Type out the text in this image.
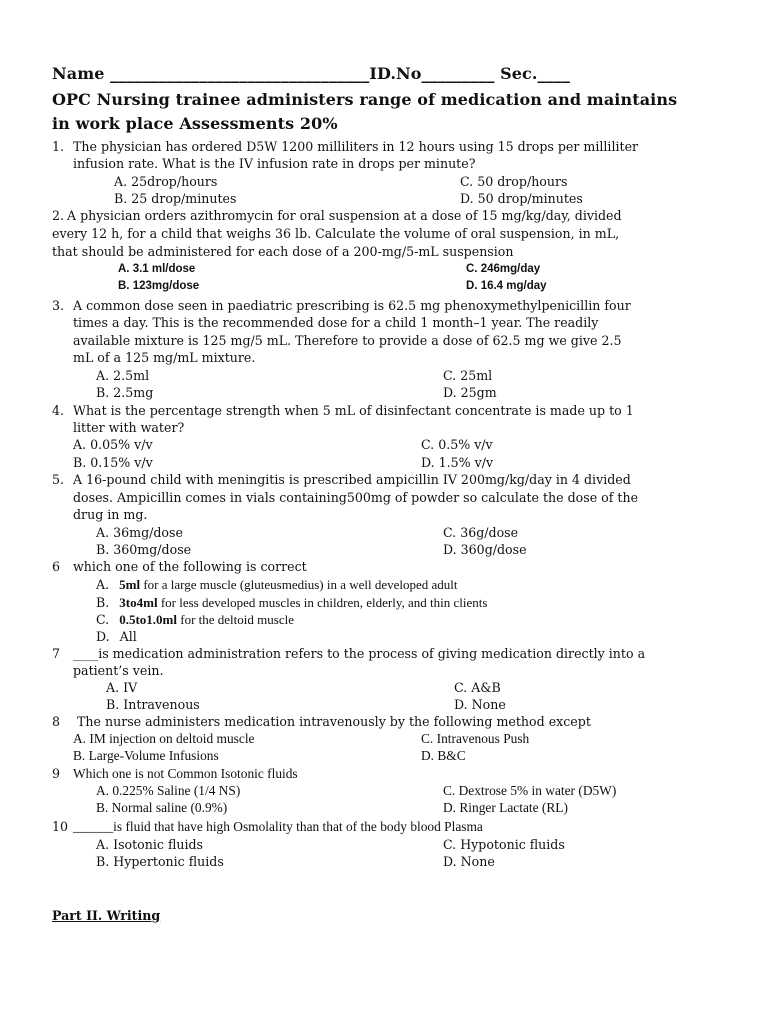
Name ________________________________ID.No_________ Sec.____
OPC Nursing trainee administers range of medication and maintains
in work place Assessments 20%
1. The physician has ordered D5W 1200 milliliters in 12 hours using 15 drops per milliliter
infusion rate. What is the IV infusion rate in drops per minute?
A. 25drop/hours
B. 25 drop/minutes
C. 50 drop/hours
D. 50 drop/minutes
2. A physician orders azithromycin for oral suspension at a dose of 15 mg/kg/day, divided
every 12 h, for a child that weighs 36 lb. Calculate the volume of oral suspension, in mL,
that should be administered for each dose of a 200-mg/5-mL suspension
A. 3.1 ml/dose
B. 123mg/dose
C. 246mg/day
D. 16.4 mg/day
3. A common dose seen in paediatric prescribing is 62.5 mg phenoxymethylpenicillin four
times a day. This is the recommended dose for a child 1 month–1 year. The readily
available mixture is 125 mg/5 mL. Therefore to provide a dose of 62.5 mg we give 2.5
mL of a 125 mg/mL mixture.
A. 2.5ml
B. 2.5mg
C. 25ml
D. 25gm
4. What is the percentage strength when 5 mL of disinfectant concentrate is made up to 1
litter with water?
A. 0.05% v/v
B. 0.15% v/v
C. 0.5% v/v
D. 1.5% v/v
5. A 16-pound child with meningitis is prescribed ampicillin IV 200mg/kg/day in 4 divided
doses. Ampicillin comes in vials containing500mg of powder so calculate the dose of the
drug in mg.
A. 36mg/dose
B. 360mg/dose
C. 36g/dose
D. 360g/dose
6 which one of the following is correct
A. 5ml for a large muscle (gluteusmedius) in a well developed adult
B. 3to4ml for less developed muscles in children, elderly, and thin clients
C. 0.5to1.0ml for the deltoid muscle
D. All
7 ____is medication administration refers to the process of giving medication directly into a
patient’s vein.
A. IV
B. Intravenous
C. A&B
D. None
8 The nurse administers medication intravenously by the following method except
A. IM injection on deltoid muscle
B. Large-Volume Infusions
C. Intravenous Push
D. B&C
9 Which one is not Common Isotonic fluids
A. 0.225% Saline (1/4 NS)
B. Normal saline (0.9%)
C. Dextrose 5% in water (D5W)
D. Ringer Lactate (RL)
10 ______is fluid that have high Osmolality than that of the body blood Plasma
A. Isotonic fluids
B. Hypertonic fluids
C. Hypotonic fluids
D. None
Part II. Writing
